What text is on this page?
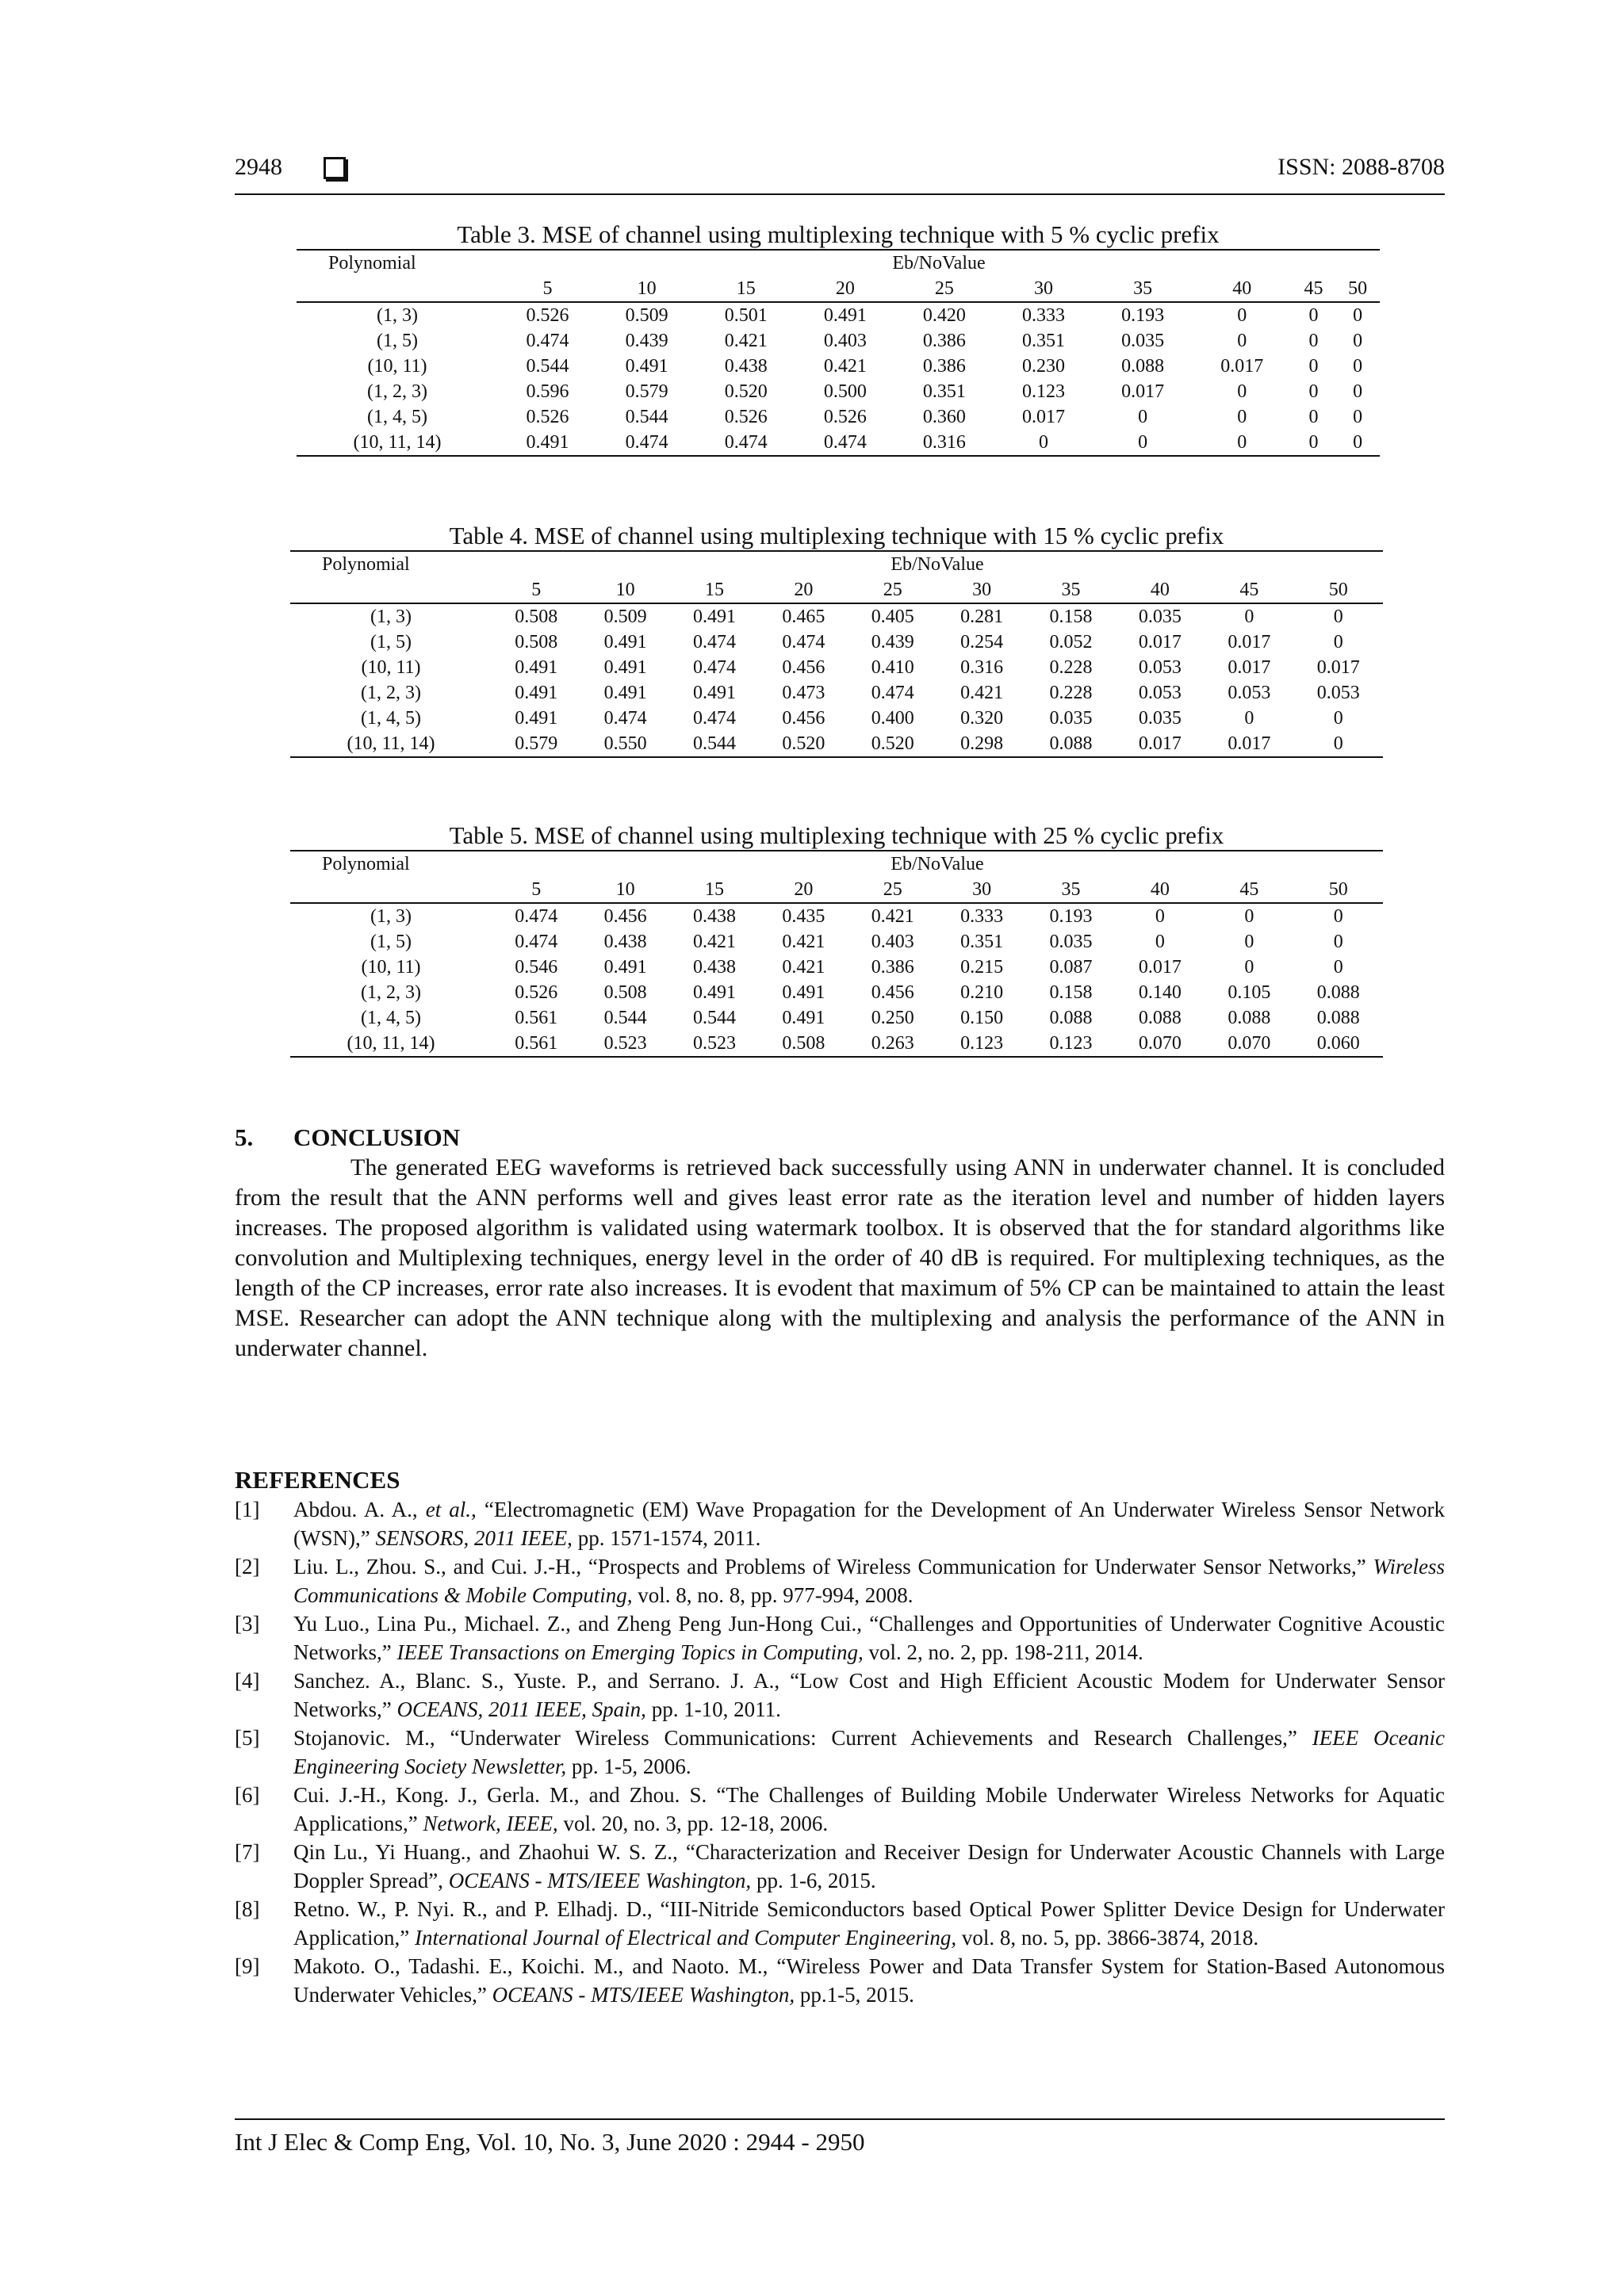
2948	ISSN: 2088-8708
Table 3. MSE of channel using multiplexing technique with 5 % cyclic prefix
Polynomial	Eb/NoValue									
	5	10	15	20	25	30	35	40	45	50
(1, 3)	0.526	0.509	0.501	0.491	0.420	0.333	0.193	0	0	0
(1, 5)	0.474	0.439	0.421	0.403	0.386	0.351	0.035	0	0	0
(10, 11)	0.544	0.491	0.438	0.421	0.386	0.230	0.088	0.017	0	0
(1, 2, 3)	0.596	0.579	0.520	0.500	0.351	0.123	0.017	0	0	0
(1, 4, 5)	0.526	0.544	0.526	0.526	0.360	0.017	0	0	0	0
(10, 11, 14)	0.491	0.474	0.474	0.474	0.316	0	0	0	0	0
Table 4. MSE of channel using multiplexing technique with 15 % cyclic prefix
Polynomial	Eb/NoValue									
	5	10	15	20	25	30	35	40	45	50
(1, 3)	0.508	0.509	0.491	0.465	0.405	0.281	0.158	0.035	0	0
(1, 5)	0.508	0.491	0.474	0.474	0.439	0.254	0.052	0.017	0.017	0
(10, 11)	0.491	0.491	0.474	0.456	0.410	0.316	0.228	0.053	0.017	0.017
(1, 2, 3)	0.491	0.491	0.491	0.473	0.474	0.421	0.228	0.053	0.053	0.053
(1, 4, 5)	0.491	0.474	0.474	0.456	0.400	0.320	0.035	0.035	0	0
(10, 11, 14)	0.579	0.550	0.544	0.520	0.520	0.298	0.088	0.017	0.017	0
Table 5. MSE of channel using multiplexing technique with 25 % cyclic prefix
Polynomial	Eb/NoValue									
	5	10	15	20	25	30	35	40	45	50
(1, 3)	0.474	0.456	0.438	0.435	0.421	0.333	0.193	0	0	0
(1, 5)	0.474	0.438	0.421	0.421	0.403	0.351	0.035	0	0	0
(10, 11)	0.546	0.491	0.438	0.421	0.386	0.215	0.087	0.017	0	0
(1, 2, 3)	0.526	0.508	0.491	0.491	0.456	0.210	0.158	0.140	0.105	0.088
(1, 4, 5)	0.561	0.544	0.544	0.491	0.250	0.150	0.088	0.088	0.088	0.088
(10, 11, 14)	0.561	0.523	0.523	0.508	0.263	0.123	0.123	0.070	0.070	0.060
5. CONCLUSION

The generated EEG waveforms is retrieved back successfully using ANN in underwater channel. It is concluded from the result that the ANN performs well and gives least error rate as the iteration level and number of hidden layers increases. The proposed algorithm is validated using watermark toolbox. It is observed that the for standard algorithms like convolution and Multiplexing techniques, energy level in the order of 40 dB is required. For multiplexing techniques, as the length of the CP increases, error rate also increases. It is evodent that maximum of 5% CP can be maintained to attain the least MSE. Researcher can adopt the ANN technique along with the multiplexing and analysis the performance of the ANN in underwater channel.

REFERENCES
[1]	Abdou. A. A., et al., “Electromagnetic (EM) Wave Propagation for the Development of An Underwater Wireless Sensor Network (WSN),” SENSORS, 2011 IEEE, pp. 1571-1574, 2011.
[2]	Liu. L., Zhou. S., and Cui. J.-H., “Prospects and Problems of Wireless Communication for Underwater Sensor Networks,” Wireless Communications & Mobile Computing, vol. 8, no. 8, pp. 977-994, 2008.
[3]	Yu Luo., Lina Pu., Michael. Z., and Zheng Peng Jun-Hong Cui., “Challenges and Opportunities of Underwater Cognitive Acoustic Networks,” IEEE Transactions on Emerging Topics in Computing, vol. 2, no. 2, pp. 198-211, 2014.
[4]	Sanchez. A., Blanc. S., Yuste. P., and Serrano. J. A., “Low Cost and High Efficient Acoustic Modem for Underwater Sensor Networks,” OCEANS, 2011 IEEE, Spain, pp. 1-10, 2011.
[5]	Stojanovic. M., “Underwater Wireless Communications: Current Achievements and Research Challenges,” IEEE Oceanic Engineering Society Newsletter, pp. 1-5, 2006.
[6]	Cui. J.-H., Kong. J., Gerla. M., and Zhou. S. “The Challenges of Building Mobile Underwater Wireless Networks for Aquatic Applications,” Network, IEEE, vol. 20, no. 3, pp. 12-18, 2006.
[7]	Qin Lu., Yi Huang., and Zhaohui W. S. Z., “Characterization and Receiver Design for Underwater Acoustic Channels with Large Doppler Spread”, OCEANS - MTS/IEEE Washington, pp. 1-6, 2015.
[8]	Retno. W., P. Nyi. R., and P. Elhadj. D., “III-Nitride Semiconductors based Optical Power Splitter Device Design for Underwater Application,” International Journal of Electrical and Computer Engineering, vol. 8, no. 5, pp. 3866-3874, 2018.
[9]	Makoto. O., Tadashi. E., Koichi. M., and Naoto. M., “Wireless Power and Data Transfer System for Station-Based Autonomous Underwater Vehicles,” OCEANS - MTS/IEEE Washington, pp.1-5, 2015.
Int J Elec & Comp Eng, Vol. 10, No. 3, June 2020 : 2944 - 2950
